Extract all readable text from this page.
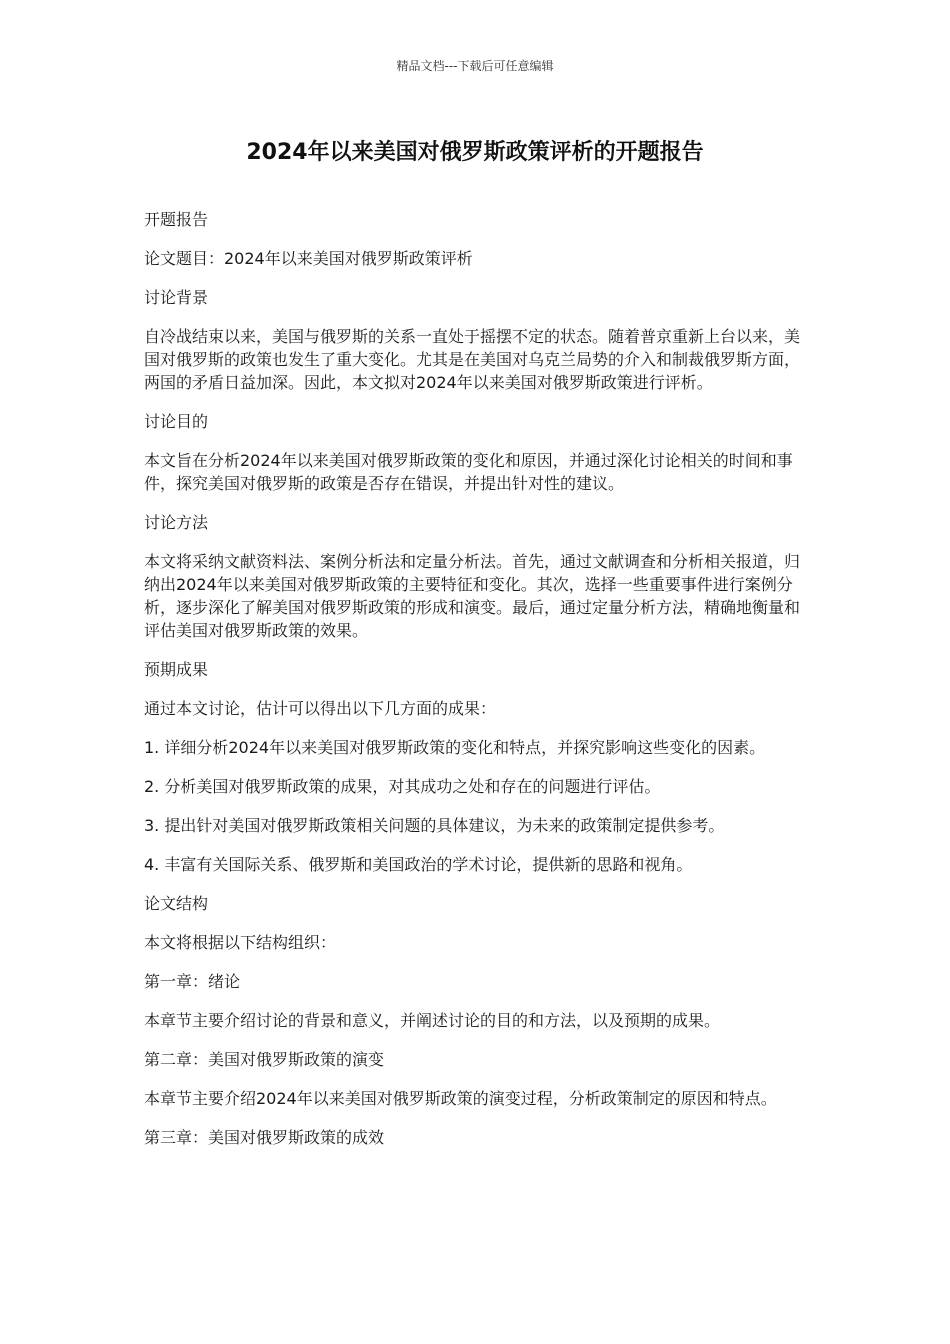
精品文档---下载后可任意编辑
2024年以来美国对俄罗斯政策评析的开题报告

开题报告

论文题目：2024年以来美国对俄罗斯政策评析

讨论背景

自冷战结束以来，美国与俄罗斯的关系一直处于摇摆不定的状态。随着普京重新上台以来，美国对俄罗斯的政策也发生了重大变化。尤其是在美国对乌克兰局势的介入和制裁俄罗斯方面，两国的矛盾日益加深。因此，本文拟对2024年以来美国对俄罗斯政策进行评析。

讨论目的

本文旨在分析2024年以来美国对俄罗斯政策的变化和原因，并通过深化讨论相关的时间和事件，探究美国对俄罗斯的政策是否存在错误，并提出针对性的建议。

讨论方法

本文将采纳文献资料法、案例分析法和定量分析法。首先，通过文献调查和分析相关报道，归纳出2024年以来美国对俄罗斯政策的主要特征和变化。其次，选择一些重要事件进行案例分析，逐步深化了解美国对俄罗斯政策的形成和演变。最后，通过定量分析方法，精确地衡量和评估美国对俄罗斯政策的效果。

预期成果

通过本文讨论，估计可以得出以下几方面的成果：

1. 详细分析2024年以来美国对俄罗斯政策的变化和特点，并探究影响这些变化的因素。

2. 分析美国对俄罗斯政策的成果，对其成功之处和存在的问题进行评估。

3. 提出针对美国对俄罗斯政策相关问题的具体建议，为未来的政策制定提供参考。

4. 丰富有关国际关系、俄罗斯和美国政治的学术讨论，提供新的思路和视角。

论文结构

本文将根据以下结构组织：

第一章：绪论

本章节主要介绍讨论的背景和意义，并阐述讨论的目的和方法，以及预期的成果。

第二章：美国对俄罗斯政策的演变

本章节主要介绍2024年以来美国对俄罗斯政策的演变过程，分析政策制定的原因和特点。

第三章：美国对俄罗斯政策的成效
